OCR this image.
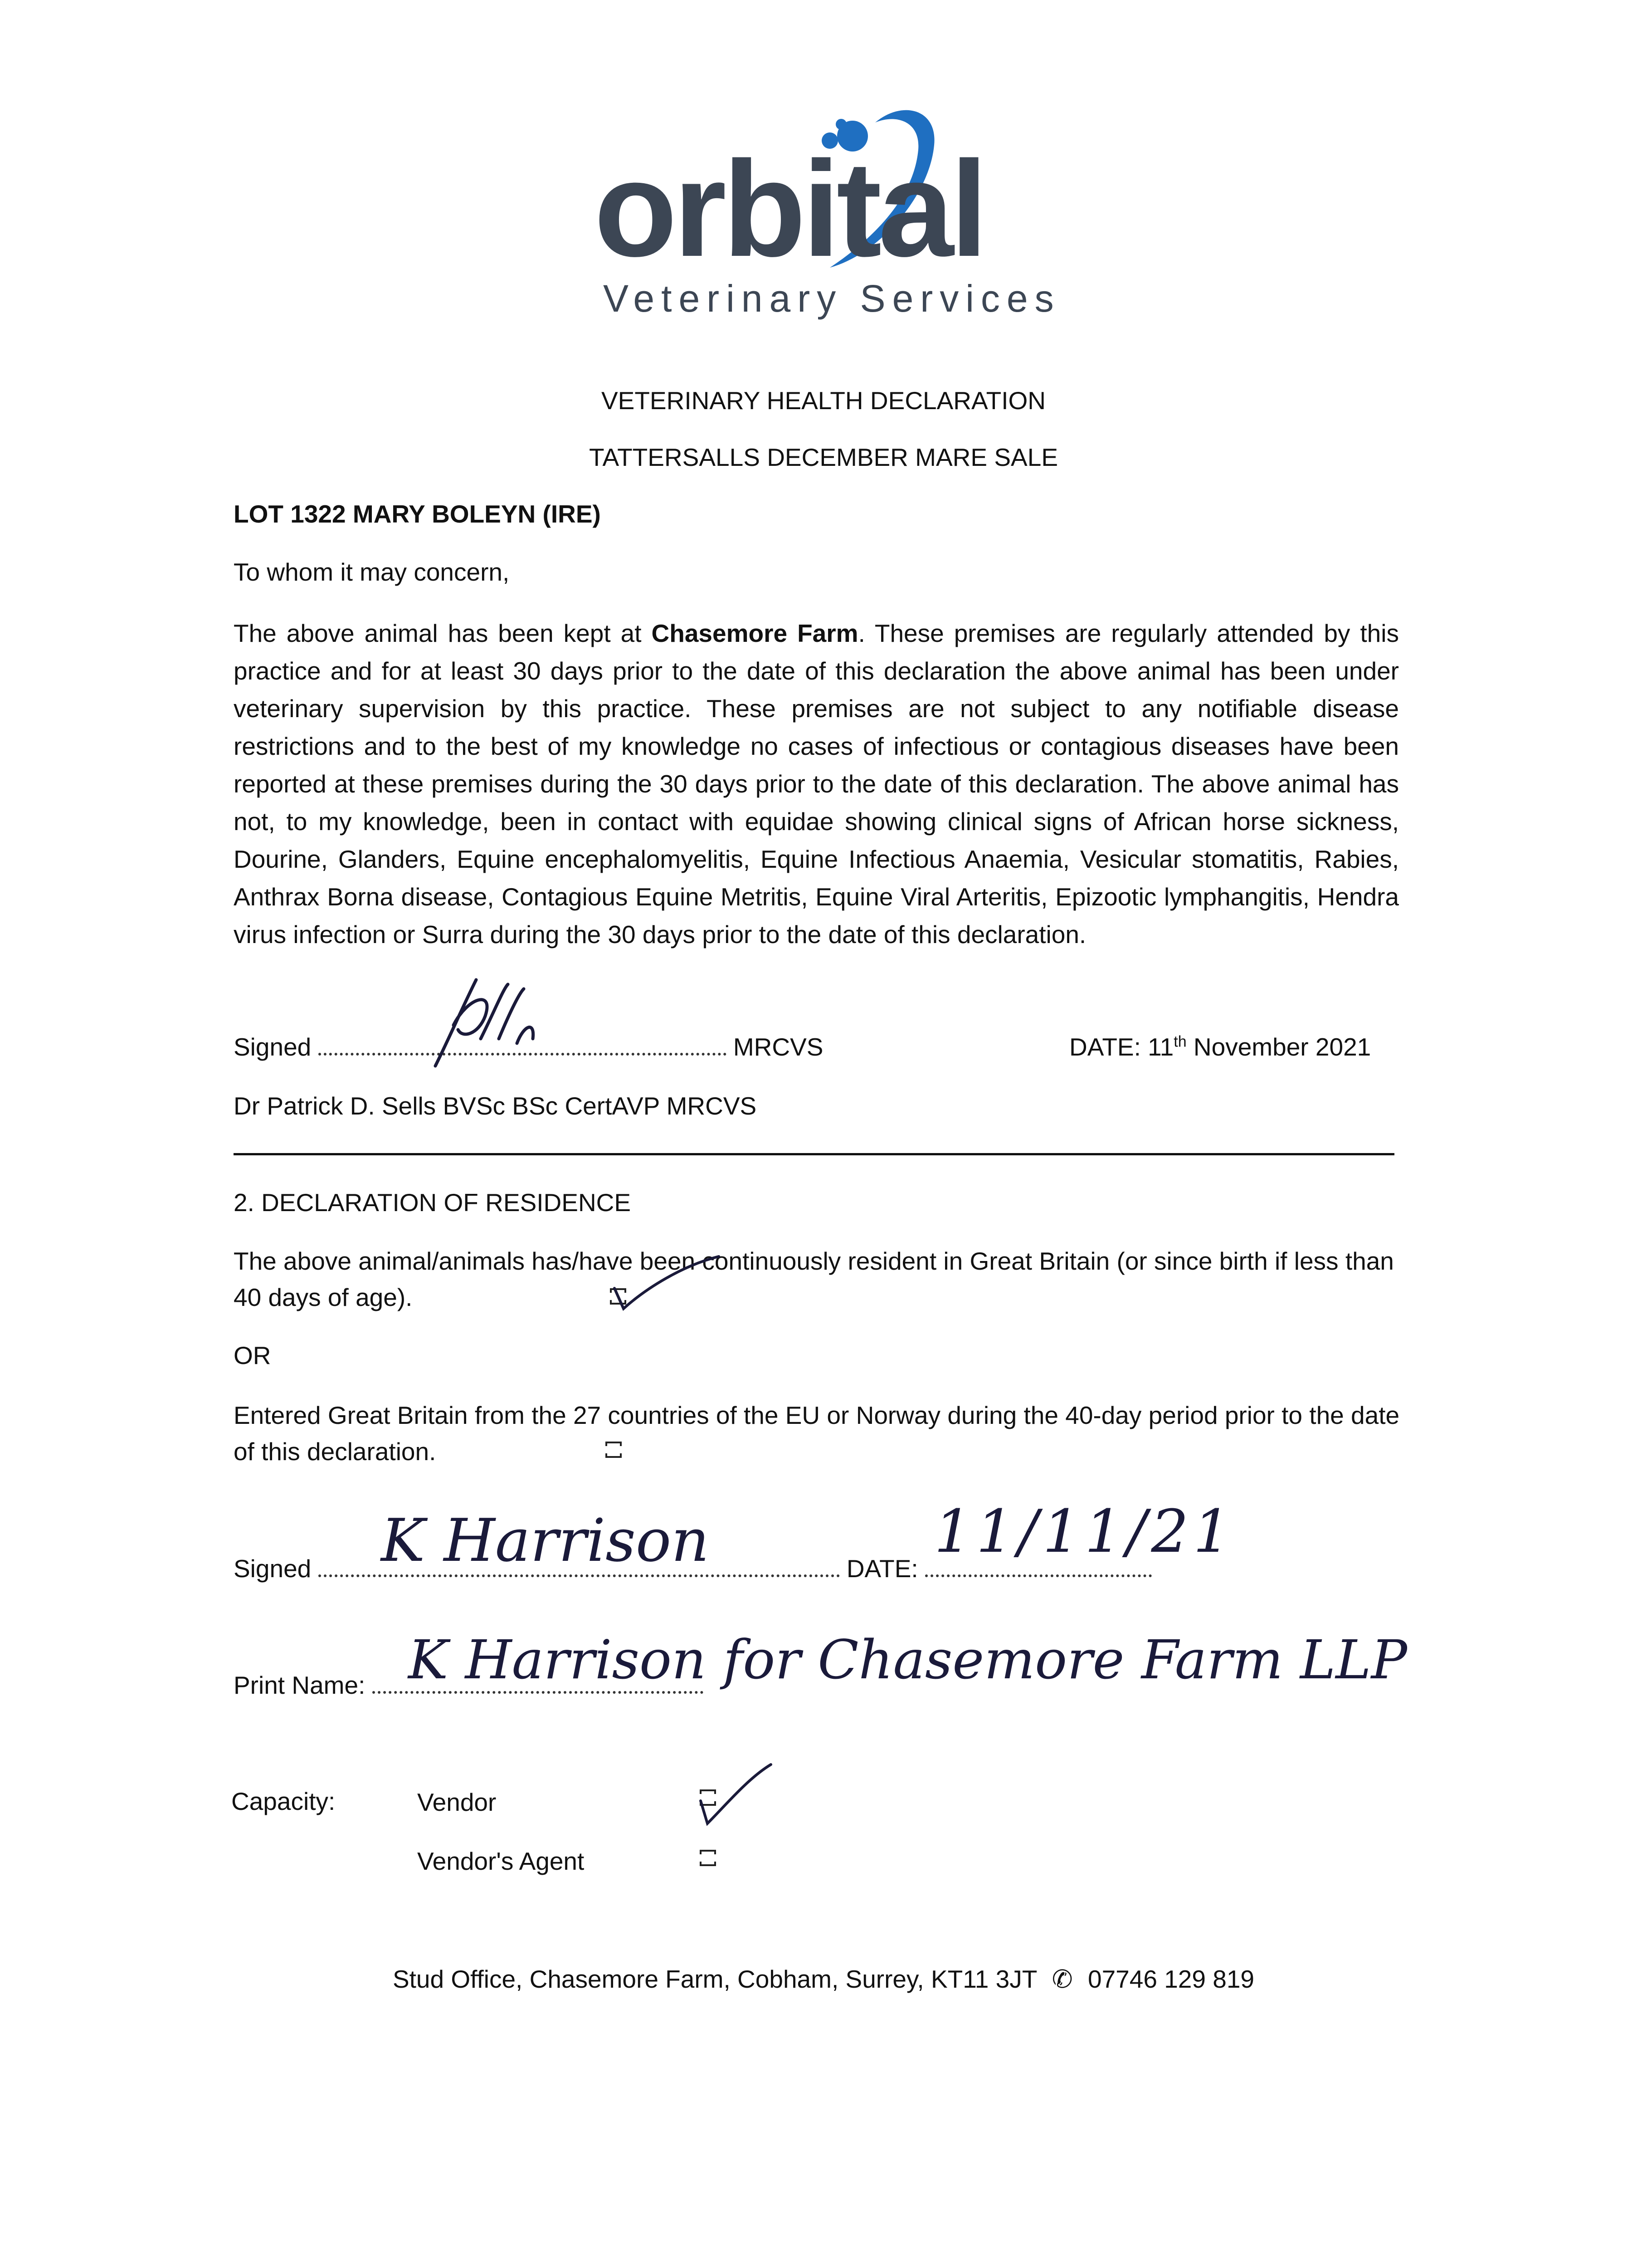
orbital
Veterinary Services
VETERINARY HEALTH DECLARATION
TATTERSALLS DECEMBER MARE SALE
LOT 1322 MARY BOLEYN (IRE)
To whom it may concern,
The above animal has been kept at Chasemore Farm. These premises are regularly attended by this practice and for at least 30 days prior to the date of this declaration the above animal has been under veterinary supervision by this practice. These premises are not subject to any notifiable disease restrictions and to the best of my knowledge no cases of infectious or contagious diseases have been reported at these premises during the 30 days prior to the date of this declaration. The above animal has not, to my knowledge, been in contact with equidae showing clinical signs of African horse sickness, Dourine, Glanders, Equine encephalomyelitis, Equine Infectious Anaemia, Vesicular stomatitis, Rabies, Anthrax Borna disease, Contagious Equine Metritis, Equine Viral Arteritis, Epizootic lymphangitis, Hendra virus infection or Surra during the 30 days prior to the date of this declaration.
Signed	MRCVS	DATE: 11th November 2021
Dr Patrick D. Sells BVSc BSc CertAVP MRCVS
2. DECLARATION OF RESIDENCE
The above animal/animals has/have been continuously resident in Great Britain (or since birth if less than 40 days of age).
OR
Entered Great Britain from the 27 countries of the EU or Norway during the 40-day period prior to the date of this declaration.
Signed	DATE:
K Harrison	11/11/21
Print Name: K Harrison for Chasemore Farm LLP
Capacity:	Vendor
Vendor's Agent
Stud Office, Chasemore Farm, Cobham, Surrey, KT11 3JT ✆ 07746 129 819
